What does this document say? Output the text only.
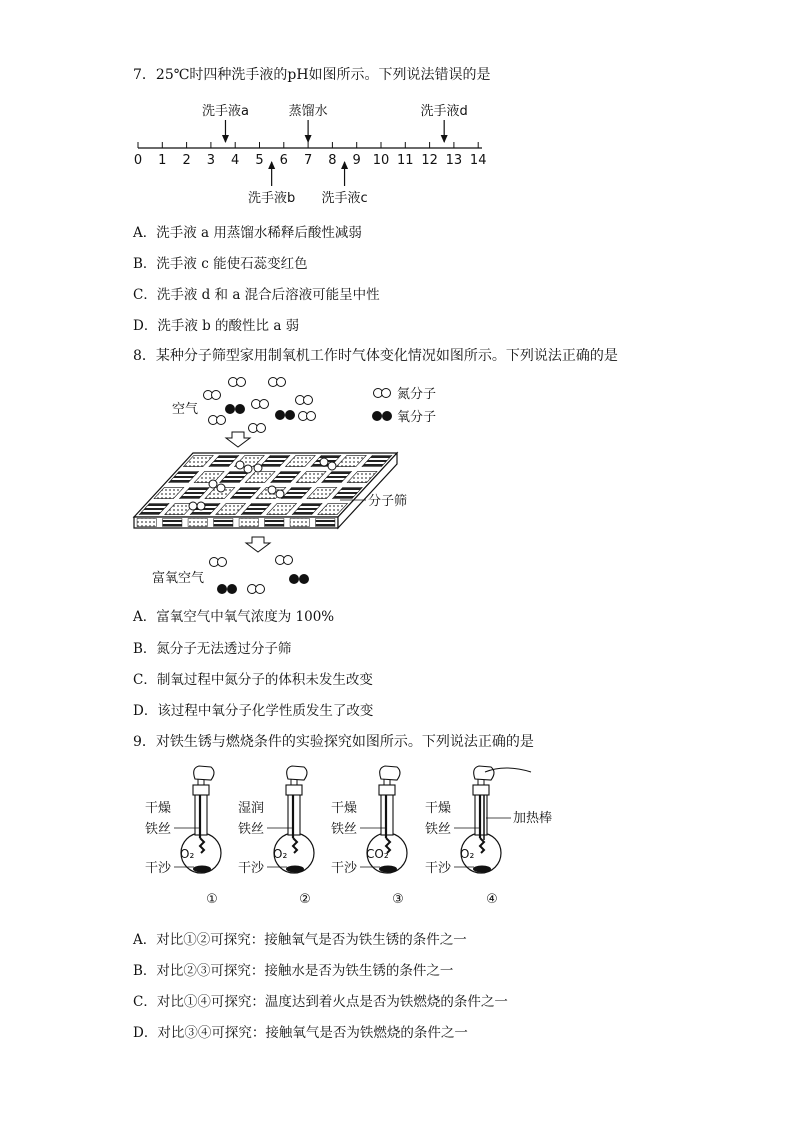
7．25℃时四种洗手液的pH如图所示。下列说法错误的是
0 1 2 3 4 5 6 7 8 9 10 11 12 13 14
洗手液a	蒸馏水	洗手液d
洗手液b 洗手液c
A．洗手液 a 用蒸馏水稀释后酸性减弱
B．洗手液 c 能使石蕊变红色
C．洗手液 d 和 a 混合后溶液可能呈中性
D．洗手液 b 的酸性比 a 弱
8．某种分子筛型家用制氧机工作时气体变化情况如图所示。下列说法正确的是
空气
氮分子
氧分子
分子筛
富氧空气
A．富氧空气中氧气浓度为 100%
B．氮分子无法透过分子筛
C．制氧过程中氮分子的体积未发生改变
D．该过程中氧分子化学性质发生了改变
9．对铁生锈与燃烧条件的实验探究如图所示。下列说法正确的是
O₂
干燥
铁丝
干沙
①
O₂
湿润
铁丝
干沙
②
CO₂
干燥
铁丝
干沙
③
加热棒
O₂
干燥
铁丝
干沙
④
A．对比①②可探究：接触氧气是否为铁生锈的条件之一
B．对比②③可探究：接触水是否为铁生锈的条件之一
C．对比①④可探究：温度达到着火点是否为铁燃烧的条件之一
D．对比③④可探究：接触氧气是否为铁燃烧的条件之一
